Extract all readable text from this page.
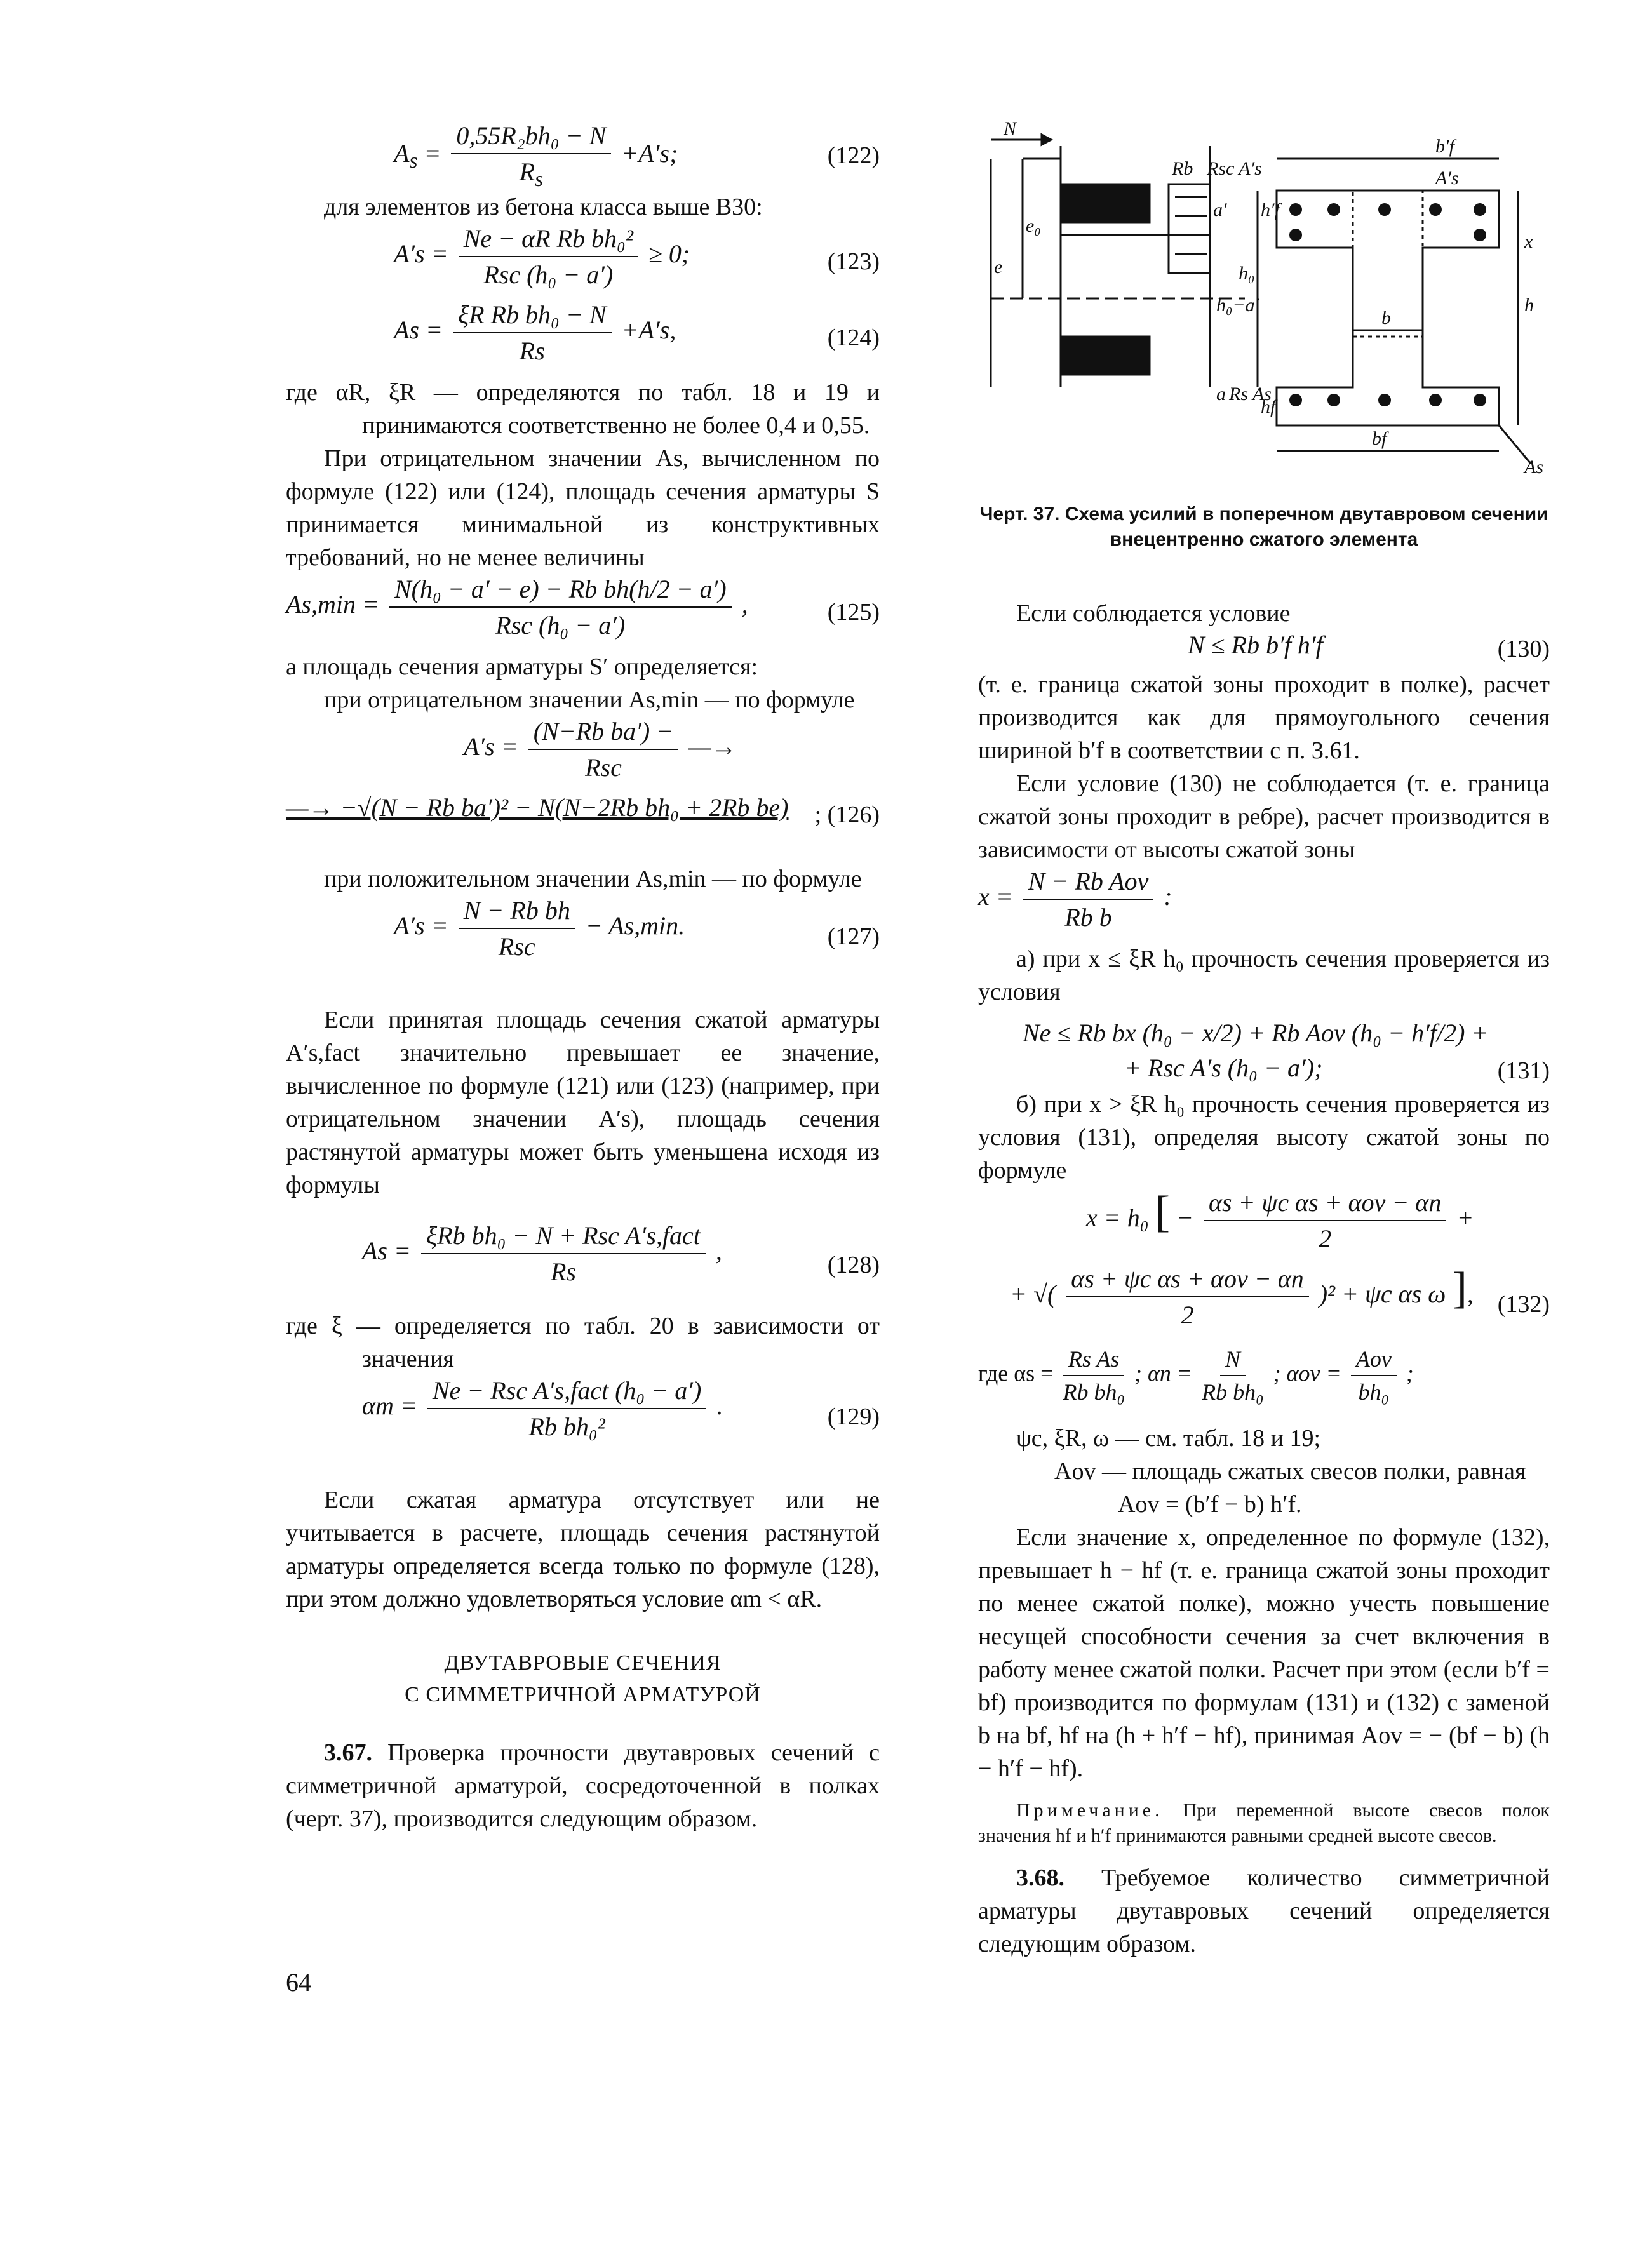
$A_s = \frac{\text{0,55R₂bh₀ − N}}{R_s} +A's$;	(122)

для элементов из бетона класса выше В30:

A′s =
Ne − αR Rb bh₀²
Rsc (h₀ − a′)
≥ 0;	(123)
$As = \frac{\text{ξR Rb bh₀ − N}}{Rs} +A's$,	(124)

где αR, ξR — определяются по табл. 18 и 19 и принимаются соответственно не более 0,4 и 0,55.

При отрицательном значении As, вычисленном по формуле (122) или (124), площадь сечения арматуры S принимается минимальной из конструктивных требований, но не менее величины

As,min =
N(h₀ − a′ − e) − Rb bh(h/2 − a′)
Rsc (h₀ − a′)
,	(125)

а площадь сечения арматуры S′ определяется:

при отрицательном значении As,min — по формуле

A′s =
(N−Rb ba′) −
Rsc
—→
—→ −√(N − Rb ba′)² − N(N−2Rb bh₀ + 2Rb be) ; (126)

при положительном значении As,min — по формуле

A′s =
N − Rb bh
Rsc
− As,min.	(127)

Если принятая площадь сечения сжатой арматуры A′s,fact значительно превышает ее значение, вычисленное по формуле (121) или (123) (например, при отрицательном значении A′s), площадь сечения растянутой арматуры может быть уменьшена исходя из формулы

As =
ξRb bh₀ − N + Rsc A′s,fact
Rs
,	(128)

где ξ — определяется по табл. 20 в зависимости от значения

αm =
Ne − Rsc A′s,fact (h₀ − a′)
Rb bh₀²
.	(129)

Если сжатая арматура отсутствует или не учитывается в расчете, площадь сечения растянутой арматуры определяется всегда только по формуле (128), при этом должно удовлетворяться условие αm < αR.

ДВУТАВРОВЫЕ СЕЧЕНИЯ

С СИММЕТРИЧНОЙ АРМАТУРОЙ

3.67. Проверка прочности двутавровых сечений с симметричной арматурой, сосредоточенной в полках (черт. 37), производится следующим образом.

N
e₀
e
Rb Rsc A′s
b′f
A′s
h′f
x
h₀−a′
h₀
b
h
a Rs As
hf
bf
As
a′

Черт. 37. Схема усилий в поперечном двутавровом сечении

внецентренно сжатого элемента

Если соблюдается условие

N ≤ Rb b′f h′f	(130)

(т. е. граница сжатой зоны проходит в полке), расчет производится как для прямоугольного сечения шириной b′f в соответствии с п. 3.61.

Если условие (130) не соблюдается (т. е. граница сжатой зоны проходит в ребре), расчет производится в зависимости от высоты сжатой зоны

x =
N − Rb Aov
Rb b
:

а) при x ≤ ξR h₀ прочность сечения проверяется из условия

Ne ≤ Rb bx (h₀ − x/2) + Rb Aov (h₀ − h′f/2) +
+ Rsc A′s (h₀ − a′);	(131)

б) при x > ξR h₀ прочность сечения проверяется из условия (131), определяя высоту сжатой зоны по формуле

x = h₀ [ −
αs + ψc αs + αov − αn
2
+
+ √(
αs + ψc αs + αov − αn
2
)² + ψc αs ω ], (132)
где $\alpha s = \frac{\text{Rs As}}{\text{Rb bh₀}}$ ; $\alpha n = \frac{N}{\text{Rb bh₀}}$ ; αov =
Aov
bh₀
;

ψc, ξR, ω — см. табл. 18 и 19;

Aov — площадь сжатых свесов полки, равная

Aov = (b′f − b) h′f.

Если значение x, определенное по формуле (132), превышает h − hf (т. е. граница сжатой зоны проходит по менее сжатой полке), можно учесть повышение несущей способности сечения за счет включения в работу менее сжатой полки. Расчет при этом (если b′f = bf) производится по формулам (131) и (132) с заменой b на bf, hf на (h + h′f − hf), принимая Aov = − (bf − b) (h − h′f − hf).

Примечание. При переменной высоте свесов полок значения hf и h′f принимаются равными средней высоте свесов.

3.68. Требуемое количество симметричной арматуры двутавровых сечений определяется следующим образом.

64
